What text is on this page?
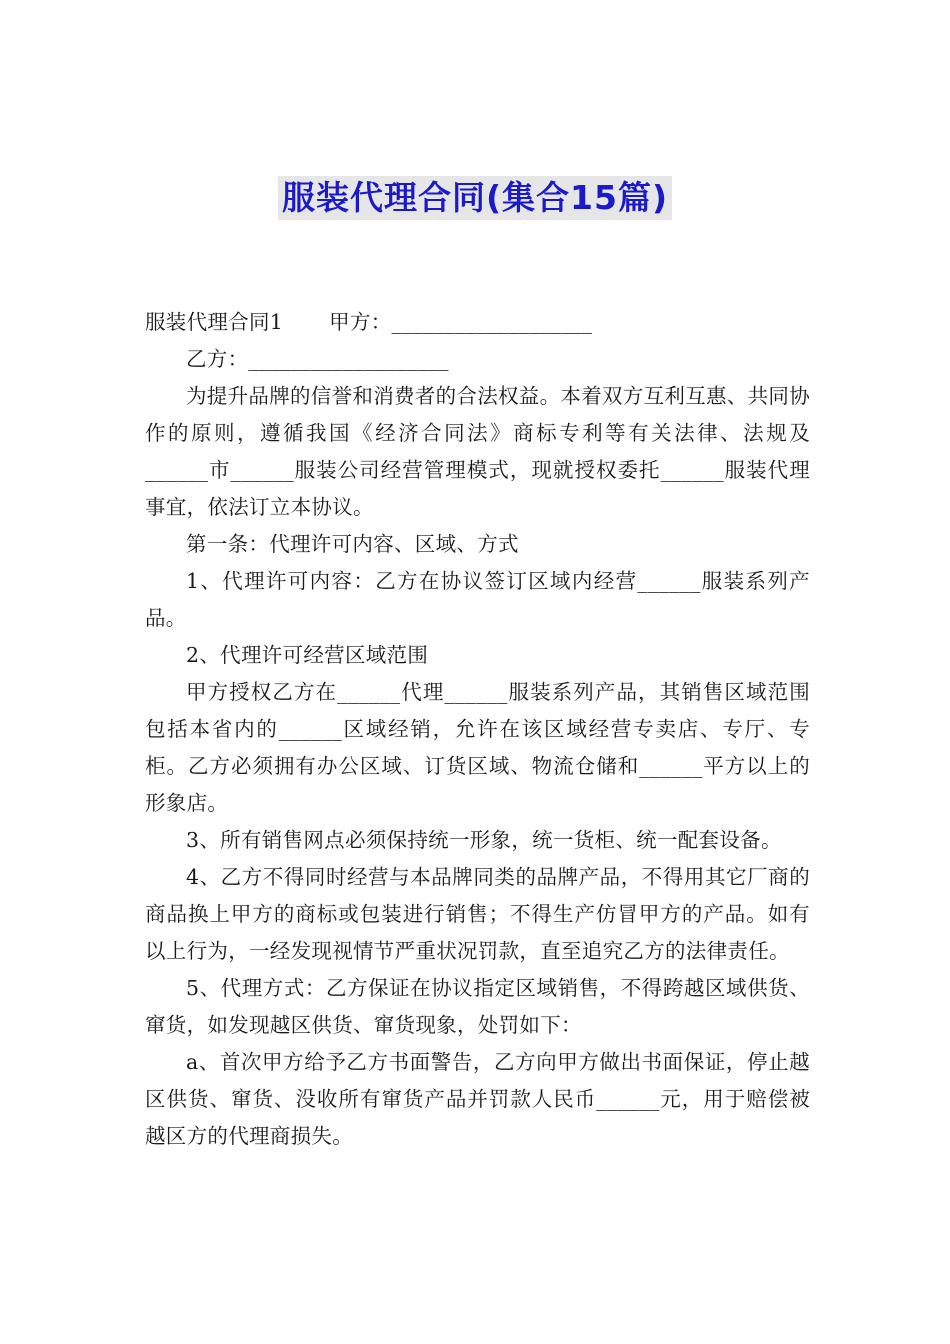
服装代理合同(集合15篇)

服装代理合同1 甲方：___________________

乙方：___________________

为提升品牌的信誉和消费者的合法权益。本着双方互利互惠、共同协作的原则，遵循我国《经济合同法》商标专利等有关法律、法规及______市______服装公司经营管理模式，现就授权委托______服装代理事宜，依法订立本协议。

第一条：代理许可内容、区域、方式

1、代理许可内容：乙方在协议签订区域内经营______服装系列产品。

2、代理许可经营区域范围

甲方授权乙方在______代理______服装系列产品，其销售区域范围包括本省内的______区域经销，允许在该区域经营专卖店、专厅、专柜。乙方必须拥有办公区域、订货区域、物流仓储和______平方以上的形象店。

3、所有销售网点必须保持统一形象，统一货柜、统一配套设备。

4、乙方不得同时经营与本品牌同类的品牌产品，不得用其它厂商的商品换上甲方的商标或包装进行销售；不得生产仿冒甲方的产品。如有以上行为，一经发现视情节严重状况罚款，直至追究乙方的法律责任。

5、代理方式：乙方保证在协议指定区域销售，不得跨越区域供货、窜货，如发现越区供货、窜货现象，处罚如下：

a、首次甲方给予乙方书面警告，乙方向甲方做出书面保证，停止越区供货、窜货、没收所有窜货产品并罚款人民币______元，用于赔偿被越区方的代理商损失。
